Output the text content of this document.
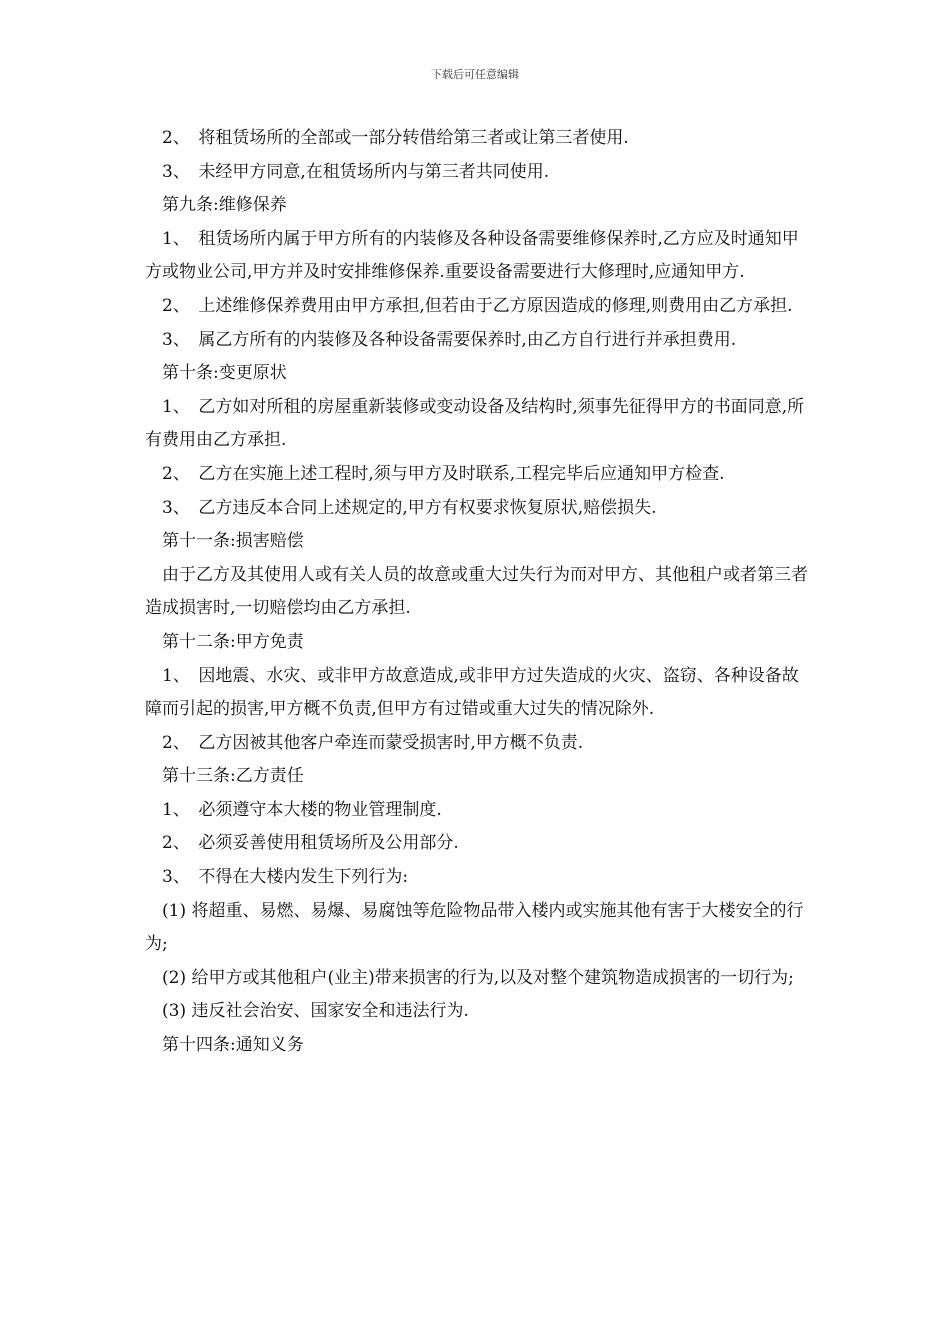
下载后可任意编辑

2、　将租赁场所的全部或一部分转借给第三者或让第三者使用.

3、　未经甲方同意,在租赁场所内与第三者共同使用.

第九条:维修保养

1、　租赁场所内属于甲方所有的内装修及各种设备需要维修保养时,乙方应及时通知甲方或物业公司,甲方并及时安排维修保养.重要设备需要进行大修理时,应通知甲方.

2、　上述维修保养费用由甲方承担,但若由于乙方原因造成的修理,则费用由乙方承担.

3、　属乙方所有的内装修及各种设备需要保养时,由乙方自行进行并承担费用.

第十条:变更原状

1、　乙方如对所租的房屋重新装修或变动设备及结构时,须事先征得甲方的书面同意,所有费用由乙方承担.

2、　乙方在实施上述工程时,须与甲方及时联系,工程完毕后应通知甲方检查.

3、　乙方违反本合同上述规定的,甲方有权要求恢复原状,赔偿损失.

第十一条:损害赔偿

由于乙方及其使用人或有关人员的故意或重大过失行为而对甲方、其他租户或者第三者造成损害时,一切赔偿均由乙方承担.

第十二条:甲方免责

1、　因地震、水灾、或非甲方故意造成,或非甲方过失造成的火灾、盗窃、各种设备故障而引起的损害,甲方概不负责,但甲方有过错或重大过失的情况除外.

2、　乙方因被其他客户牵连而蒙受损害时,甲方概不负责.

第十三条:乙方责任

1、　必须遵守本大楼的物业管理制度.

2、　必须妥善使用租赁场所及公用部分.

3、　不得在大楼内发生下列行为:

(1) 将超重、易燃、易爆、易腐蚀等危险物品带入楼内或实施其他有害于大楼安全的行为;

(2) 给甲方或其他租户(业主)带来损害的行为,以及对整个建筑物造成损害的一切行为;

(3) 违反社会治安、国家安全和违法行为.

第十四条:通知义务
